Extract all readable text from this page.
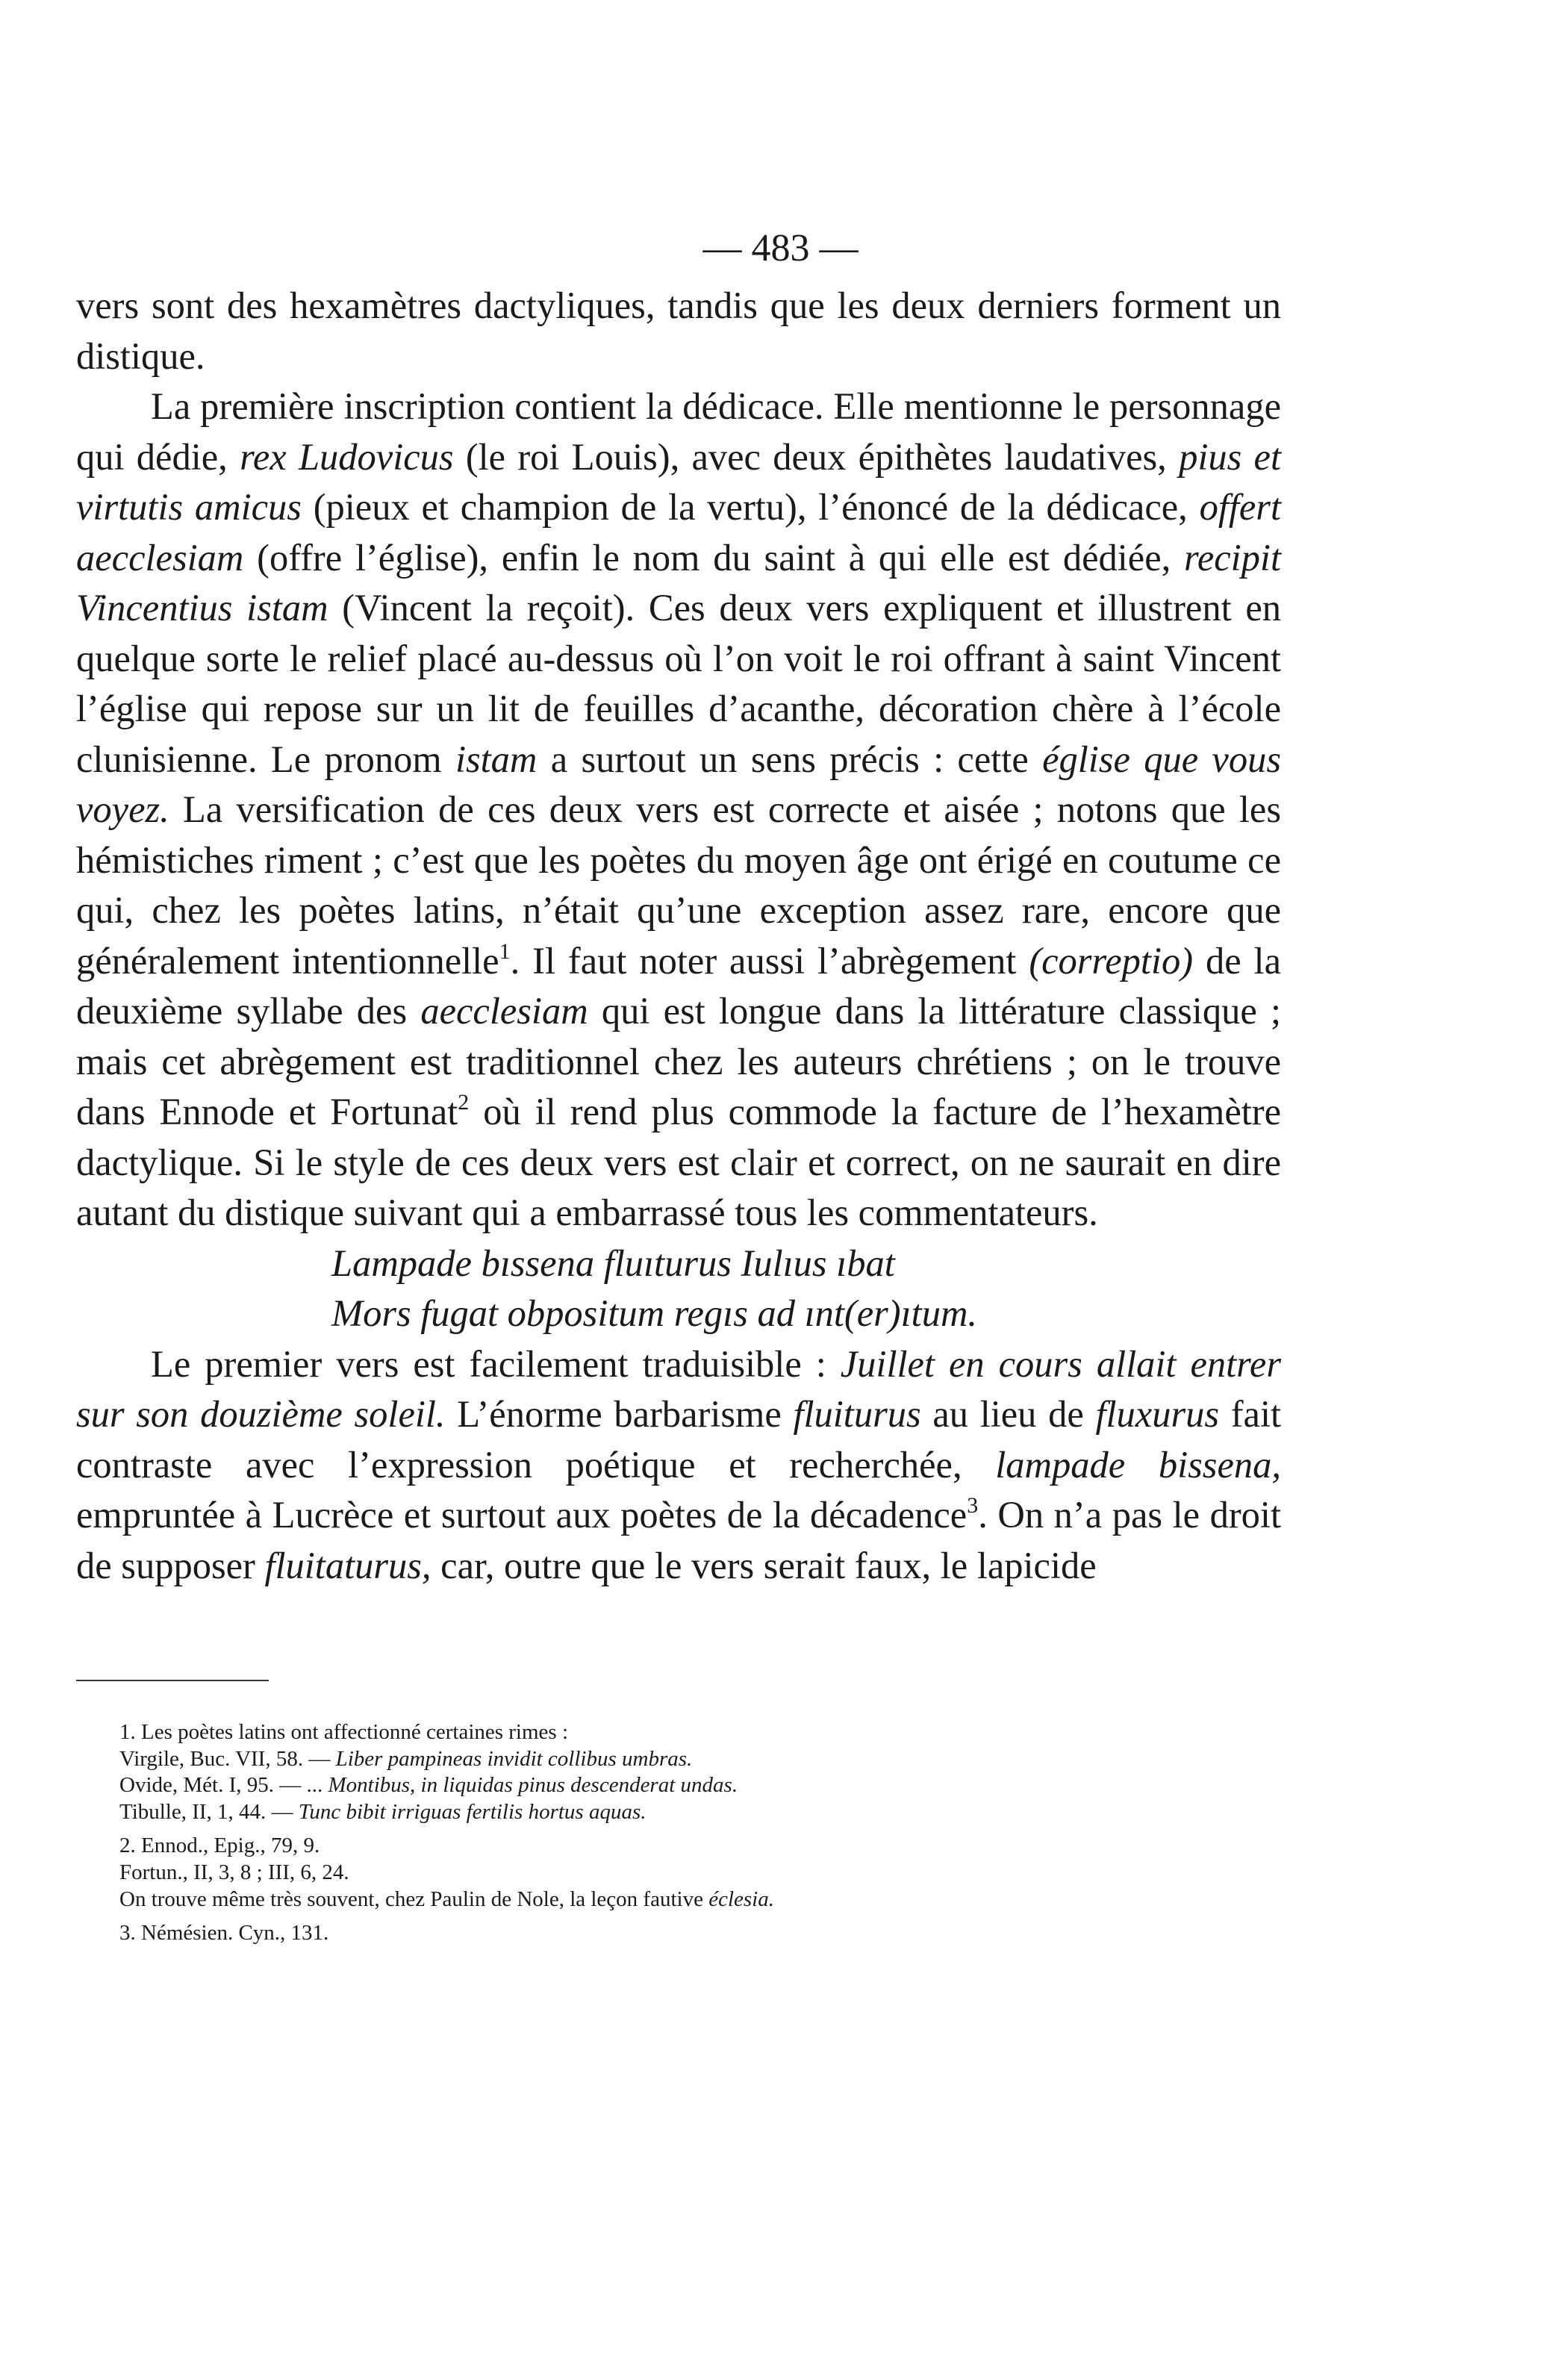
— 483 —

vers sont des hexamètres dactyliques, tandis que les deux derniers forment un distique.

La première inscription contient la dédicace. Elle mentionne le personnage qui dédie, rex Ludovicus (le roi Louis), avec deux épithètes laudatives, pius et virtutis amicus (pieux et champion de la vertu), l’énoncé de la dédicace, offert aecclesiam (offre l’église), enfin le nom du saint à qui elle est dédiée, recipit Vincentius istam (Vincent la reçoit). Ces deux vers expliquent et illustrent en quelque sorte le relief placé au-dessus où l’on voit le roi offrant à saint Vincent l’église qui repose sur un lit de feuilles d’acanthe, décoration chère à l’école clunisienne. Le pronom istam a surtout un sens précis : cette église que vous voyez. La versification de ces deux vers est correcte et aisée ; notons que les hémistiches riment ; c’est que les poètes du moyen âge ont érigé en coutume ce qui, chez les poètes latins, n’était qu’une exception assez rare, encore que généralement intentionnelle$^1$. Il faut noter aussi l’abrègement (correptio) de la deuxième syllabe des aecclesiam qui est longue dans la littérature classique ; mais cet abrègement est traditionnel chez les auteurs chrétiens ; on le trouve dans Ennode et Fortunat$^2$ où il rend plus commode la facture de l’hexamètre dactylique. Si le style de ces deux vers est clair et correct, on ne saurait en dire autant du distique suivant qui a embarrassé tous les commentateurs.

Lampade bıssena fluıturus Iulıus ıbat

Mors fugat obpositum regıs ad ınt(er)ıtum.

Le premier vers est facilement traduisible : Juillet en cours allait entrer sur son douzième soleil. L’énorme barbarisme fluiturus au lieu de fluxurus fait contraste avec l’expression poétique et recherchée, lampade bissena, empruntée à Lucrèce et surtout aux poètes de la décadence$^3$. On n’a pas le droit de supposer fluitaturus, car, outre que le vers serait faux, le lapicide

1. Les poètes latins ont affectionné certaines rimes :

Virgile, Buc. VII, 58. — Liber pampineas invidit collibus umbras.

Ovide, Mét. I, 95. — ... Montibus, in liquidas pinus descenderat undas.

Tibulle, II, 1, 44. — Tunc bibit irriguas fertilis hortus aquas.

2. Ennod., Epig., 79, 9.

Fortun., II, 3, 8 ; III, 6, 24.

On trouve même très souvent, chez Paulin de Nole, la leçon fautive éclesia.

3. Némésien. Cyn., 131.
